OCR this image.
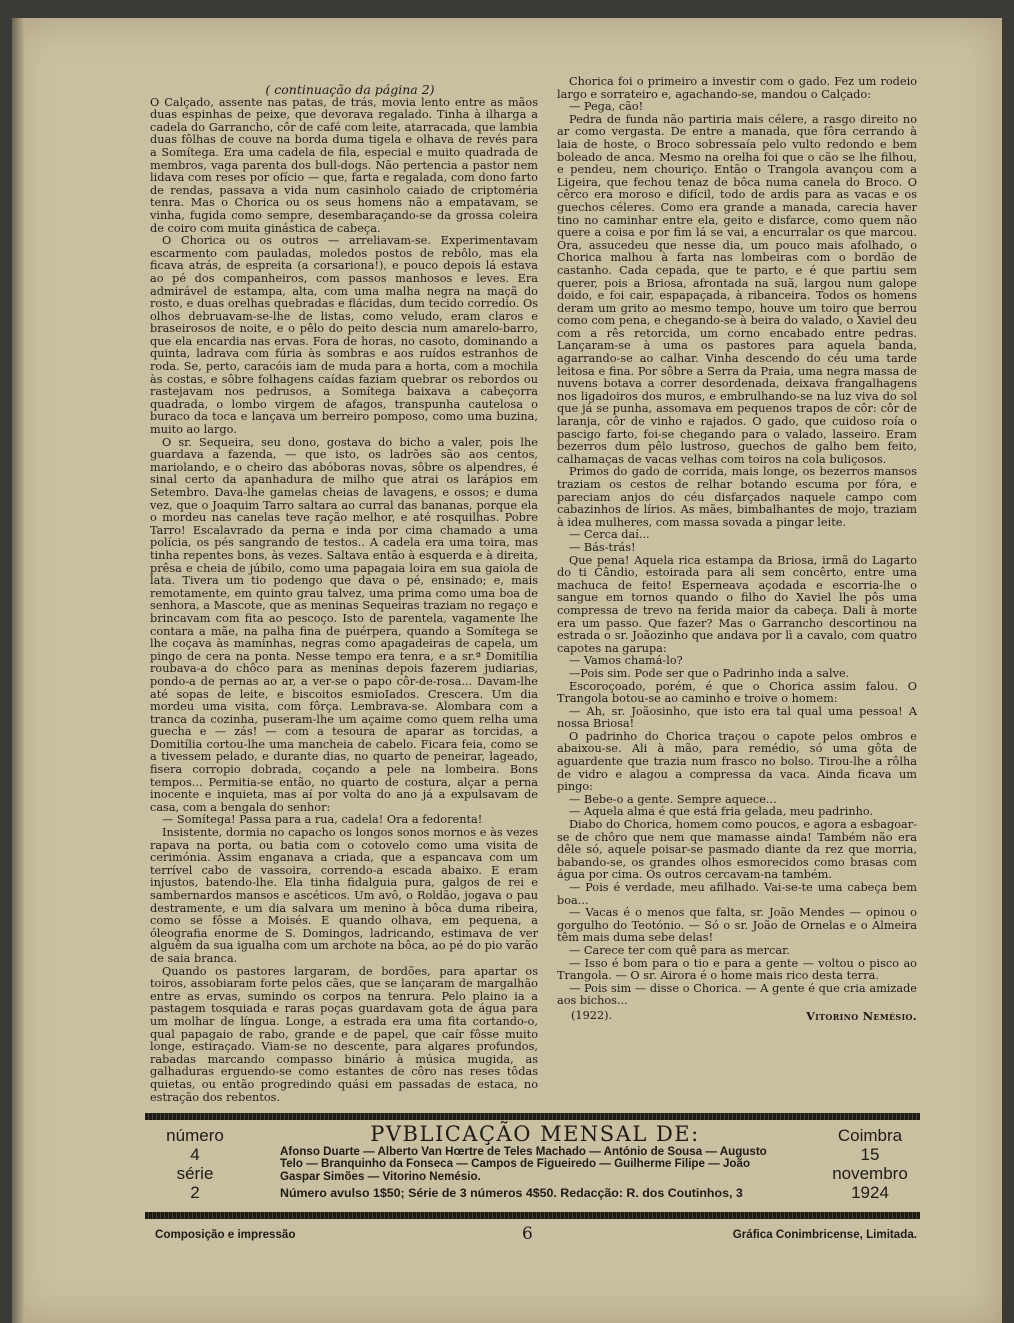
( continuação da página 2)

O Calçado, assente nas patas, de trás, movia lento entre as mãos duas espinhas de peixe, que devorava regalado. Tinha à ilharga a cadela do Garrancho, côr de café com leite, atarracada, que lambia duas fôlhas de couve na borda duma tigela e olhava de revés para a Somítega. Era uma cadela de fila, especial e muito quadrada de membros, vaga parenta dos bull-dogs. Não pertencia a pastor nem lidava com reses por ofício — que, farta e regalada, com dono farto de rendas, passava a vida num casinholo caiado de criptoméria tenra. Mas o Chorica ou os seus homens não a empatavam, se vinha, fugida como sempre, desembaraçando-se da grossa coleira de coiro com muita ginástica de cabeça.

O Chorica ou os outros — arreliavam-se. Experimentavam escarmento com pauladas, moledos postos de rebôlo, mas ela ficava atrás, de espreita (a corsariona!), e pouco depois lá estava ao pé dos companheiros, com passos manhosos e leves. Era admirável de estampa, alta, com uma malha negra na maçã do rosto, e duas orelhas quebradas e flácidas, dum tecido corredio. Os olhos debruavam-se-lhe de listas, como veludo, eram claros e braseirosos de noite, e o pêlo do peito descia num amarelo-barro, que ela encardia nas ervas. Fora de horas, no casoto, dominando a quinta, ladrava com fúria às sombras e aos ruídos estranhos de roda. Se, perto, caracóis iam de muda para a horta, com a mochila às costas, e sôbre folhagens caídas faziam quebrar os rebordos ou rastejavam nos pedrusos, a Somítega baixava a cabeçorra quadrada, o lombo virgem de afagos, transpunha cautelosa o buraco da toca e lançava um berreiro pomposo, como uma buzina, muito ao largo.

O sr. Sequeira, seu dono, gostava do bicho a valer, pois lhe guardava a fazenda, — que isto, os ladrões são aos centos, mariolando, e o cheiro das abóboras novas, sôbre os alpendres, é sinal certo da apanhadura de milho que atrai os larápios em Setembro. Dava-lhe gamelas cheias de lavagens, e ossos; e duma vez, que o Joaquim Tarro saltara ao curral das bananas, porque ela o mordeu nas canelas teve ração melhor, e até rosquilhas. Pobre Tarro! Escalavrado da perna e inda por cima chamado a uma polícia, os pés sangrando de testos.. A cadela era uma toira, mas tinha repentes bons, às vezes. Saltava então à esquerda e à direita, prêsa e cheia de júbilo, como uma papagaia loira em sua gaiola de lata. Tivera um tio podengo que dava o pé, ensinado; e, mais remotamente, em quinto grau talvez, uma prima como uma boa de senhora, a Mascote, que as meninas Sequeiras traziam no regaço e brincavam com fita ao pescoço. Isto de parentela, vagamente lhe contara a mãe, na palha fina de puérpera, quando a Somítega se lhe coçava às maminhas, negras como apagadeiras de capela, um pingo de cera na ponta. Nesse tempo era tenra, e a sr.ª Domitília roubava-a do chôco para as meninas depois fazerem judiarias, pondo-a de pernas ao ar, a ver-se o papo côr-de-rosa... Davam-lhe até sopas de leite, e biscoitos esmioIados. Crescera. Um dia mordeu uma visita, com fôrça. Lembrava-se. Alombara com a tranca da cozinha, puseram-lhe um açaime como quem relha uma guecha e — zás! — com a tesoura de aparar as torcidas, a Domitília cortou-lhe uma mancheia de cabelo. Ficara feia, como se a tivessem pelado, e durante dias, no quarto de peneirar, lageado, fisera corropio dobrada, coçando a pele na lombeira. Bons tempos... Permitia-se então, no quarto de costura, alçar a perna inocente e inquieta, mas aí por volta do ano já a expulsavam de casa, com a bengala do senhor:

— Somítega! Passa para a rua, cadela! Ora a fedorenta!

Insistente, dormia no capacho os longos sonos mornos e às vezes rapava na porta, ou batia com o cotovelo como uma visita de cerimónia. Assim enganava a criada, que a espancava com um terrível cabo de vassoira, correndo-a escada abaixo. E eram injustos, batendo-lhe. Ela tinha fidalguia pura, galgos de rei e sambernardos mansos e ascéticos. Um avô, o Roldão, jogava o pau destramente, e um dia salvara um menino à bôca duma ribeira, como se fôsse a Moisés. E quando olhava, em pequena, a óleografia enorme de S. Domingos, ladricando, estimava de ver alguêm da sua igualha com um archote na bôca, ao pé do pio varão de saia branca.

Quando os pastores largaram, de bordões, para apartar os toiros, assobiaram forte pelos cães, que se lançaram de margalhão entre as ervas, sumindo os corpos na tenrura. Pelo plaino ia a pastagem tosquiada e raras poças guardavam gota de água para um molhar de língua. Longe, a estrada era uma fita cortando-o, qual papagaio de rabo, grande e de papel, que caír fôsse muito longe, estiraçado. Viam-se no descente, para algares profundos, rabadas marcando compasso binário à música mugida, as galhaduras erguendo-se como estantes de côro nas reses tôdas quietas, ou então progredindo quási em passadas de estaca, no estração dos rebentos.

Chorica foi o primeiro a investir com o gado. Fez um rodeio largo e sorrateiro e, agachando-se, mandou o Calçado:

— Pega, cão!

Pedra de funda não partiria mais célere, a rasgo direito no ar como vergasta. De entre a manada, que fôra cerrando à laia de hoste, o Broco sobressaía pelo vulto redondo e bem boleado de anca. Mesmo na orelha foi que o cão se lhe filhou, e pendeu, nem chouriço. Então o Trangola avançou com a Ligeira, que fechou tenaz de bôca numa canela do Broco. O cêrco era moroso e difícil, todo de ardis para as vacas e os guechos céleres. Como era grande a manada, carecia haver tino no caminhar entre ela, geito e disfarce, como quem não quere a coisa e por fim lá se vai, a encurralar os que marcou. Ora, assucedeu que nesse dia, um pouco mais afolhado, o Chorica malhou à farta nas lombeiras com o bordão de castanho. Cada cepada, que te parto, e é que partiu sem querer, pois a Briosa, afrontada na suã, largou num galope doido, e foi cair, espapaçada, à ribanceira. Todos os homens deram um grito ao mesmo tempo, houve um toiro que berrou como com pena, e chegando-se à beira do valado, o Xaviel deu com a rês retorcida, um corno encabado entre pedras. Lançaram-se à uma os pastores para aquela banda, agarrando-se ao calhar. Vinha descendo do céu uma tarde leitosa e fina. Por sôbre a Serra da Praia, uma negra massa de nuvens botava a correr desordenada, deixava frangalhagens nos ligadoiros dos muros, e embrulhando-se na luz viva do sol que já se punha, assomava em pequenos trapos de côr: côr de laranja, côr de vinho e rajados. O gado, que cuidoso roía o pascigo farto, foi-se chegando para o valado, lasseiro. Eram bezerros dum pêlo lustroso, guechos de galho bem feito, calhamaças de vacas velhas com toiros na cola buliçosos.

Primos do gado de corrida, mais longe, os bezerros mansos traziam os cestos de relhar botando escuma por fóra, e pareciam anjos do céu disfarçados naquele campo com cabazinhos de lírios. As mães, bimbalhantes de mojo, traziam à idea mulheres, com massa sovada a pingar leite.

— Cerca daí...

— Bás-trás!

Que pena! Aquela rica estampa da Briosa, irmã do Lagarto do ti Cândio, estoirada para ali sem concêrto, entre uma machuca de feito! Esperneava açodada e escorria-lhe o sangue em tornos quando o filho do Xaviel lhe pôs uma compressa de trevo na ferida maior da cabeça. Dali à morte era um passo. Que fazer? Mas o Garrancho descortinou na estrada o sr. Joãozinho que andava por lì a cavalo, com quatro capotes na garupa:

— Vamos chamá-lo?

—Pois sim. Pode ser que o Padrinho inda a salve.

Escoroçoado, porém, é que o Chorica assim falou. O Trangola botou-se ao caminho e troive o homem:

— Ah, sr. Joãosinho, que isto era tal qual uma pessoa! A nossa Briosa!

O padrinho do Chorica traçou o capote pelos ombros e abaixou-se. Ali à mão, para remédio, só uma gôta de aguardente que trazia num frasco no bolso. Tirou-lhe a rôlha de vidro e alagou a compressa da vaca. Ainda ficava um pingo:

— Bebe-o a gente. Sempre aquece...

— Aquela alma é que está fria gelada, meu padrinho.

Diabo do Chorica, homem como poucos, e agora a esbagoar-se de chôro que nem que mamasse ainda! Também não era dêle só, aquele poisar-se pasmado diante da rez que morria, babando-se, os grandes olhos esmorecidos como brasas com água por cima. Os outros cercavam-na também.

— Pois é verdade, meu afilhado. Vai-se-te uma cabeça bem boa...

— Vacas é o menos que falta, sr. João Mendes — opinou o gorgulho do Teotónio. — Só o sr. João de Ornelas e o Almeira têm mais duma sebe delas!

— Carece ter com quê para as mercar.

— Isso é bom para o tio e para a gente — voltou o pisco ao Trangola. — O sr. Airora é o home mais rico desta terra.

— Pois sim — disse o Chorica. — A gente é que cria amizade aos bichos...

(1922).	Vitorino Nemésio.
número
4
série
2
PVBLICAÇÃO MENSAL DE:
Afonso Duarte — Alberto Van Hœrtre de Teles Machado — António de Sousa — Augusto Telo — Branquinho da Fonseca — Campos de Figueiredo — Guilherme Filipe — João Gaspar Simões — Vitorino Nemésio.
Número avulso 1$50; Série de 3 números 4$50. Redacção: R. dos Coutinhos, 3
Coimbra
15
novembro
1924
Composição e impressão	6	Gráfica Conimbricense, Limitada.
